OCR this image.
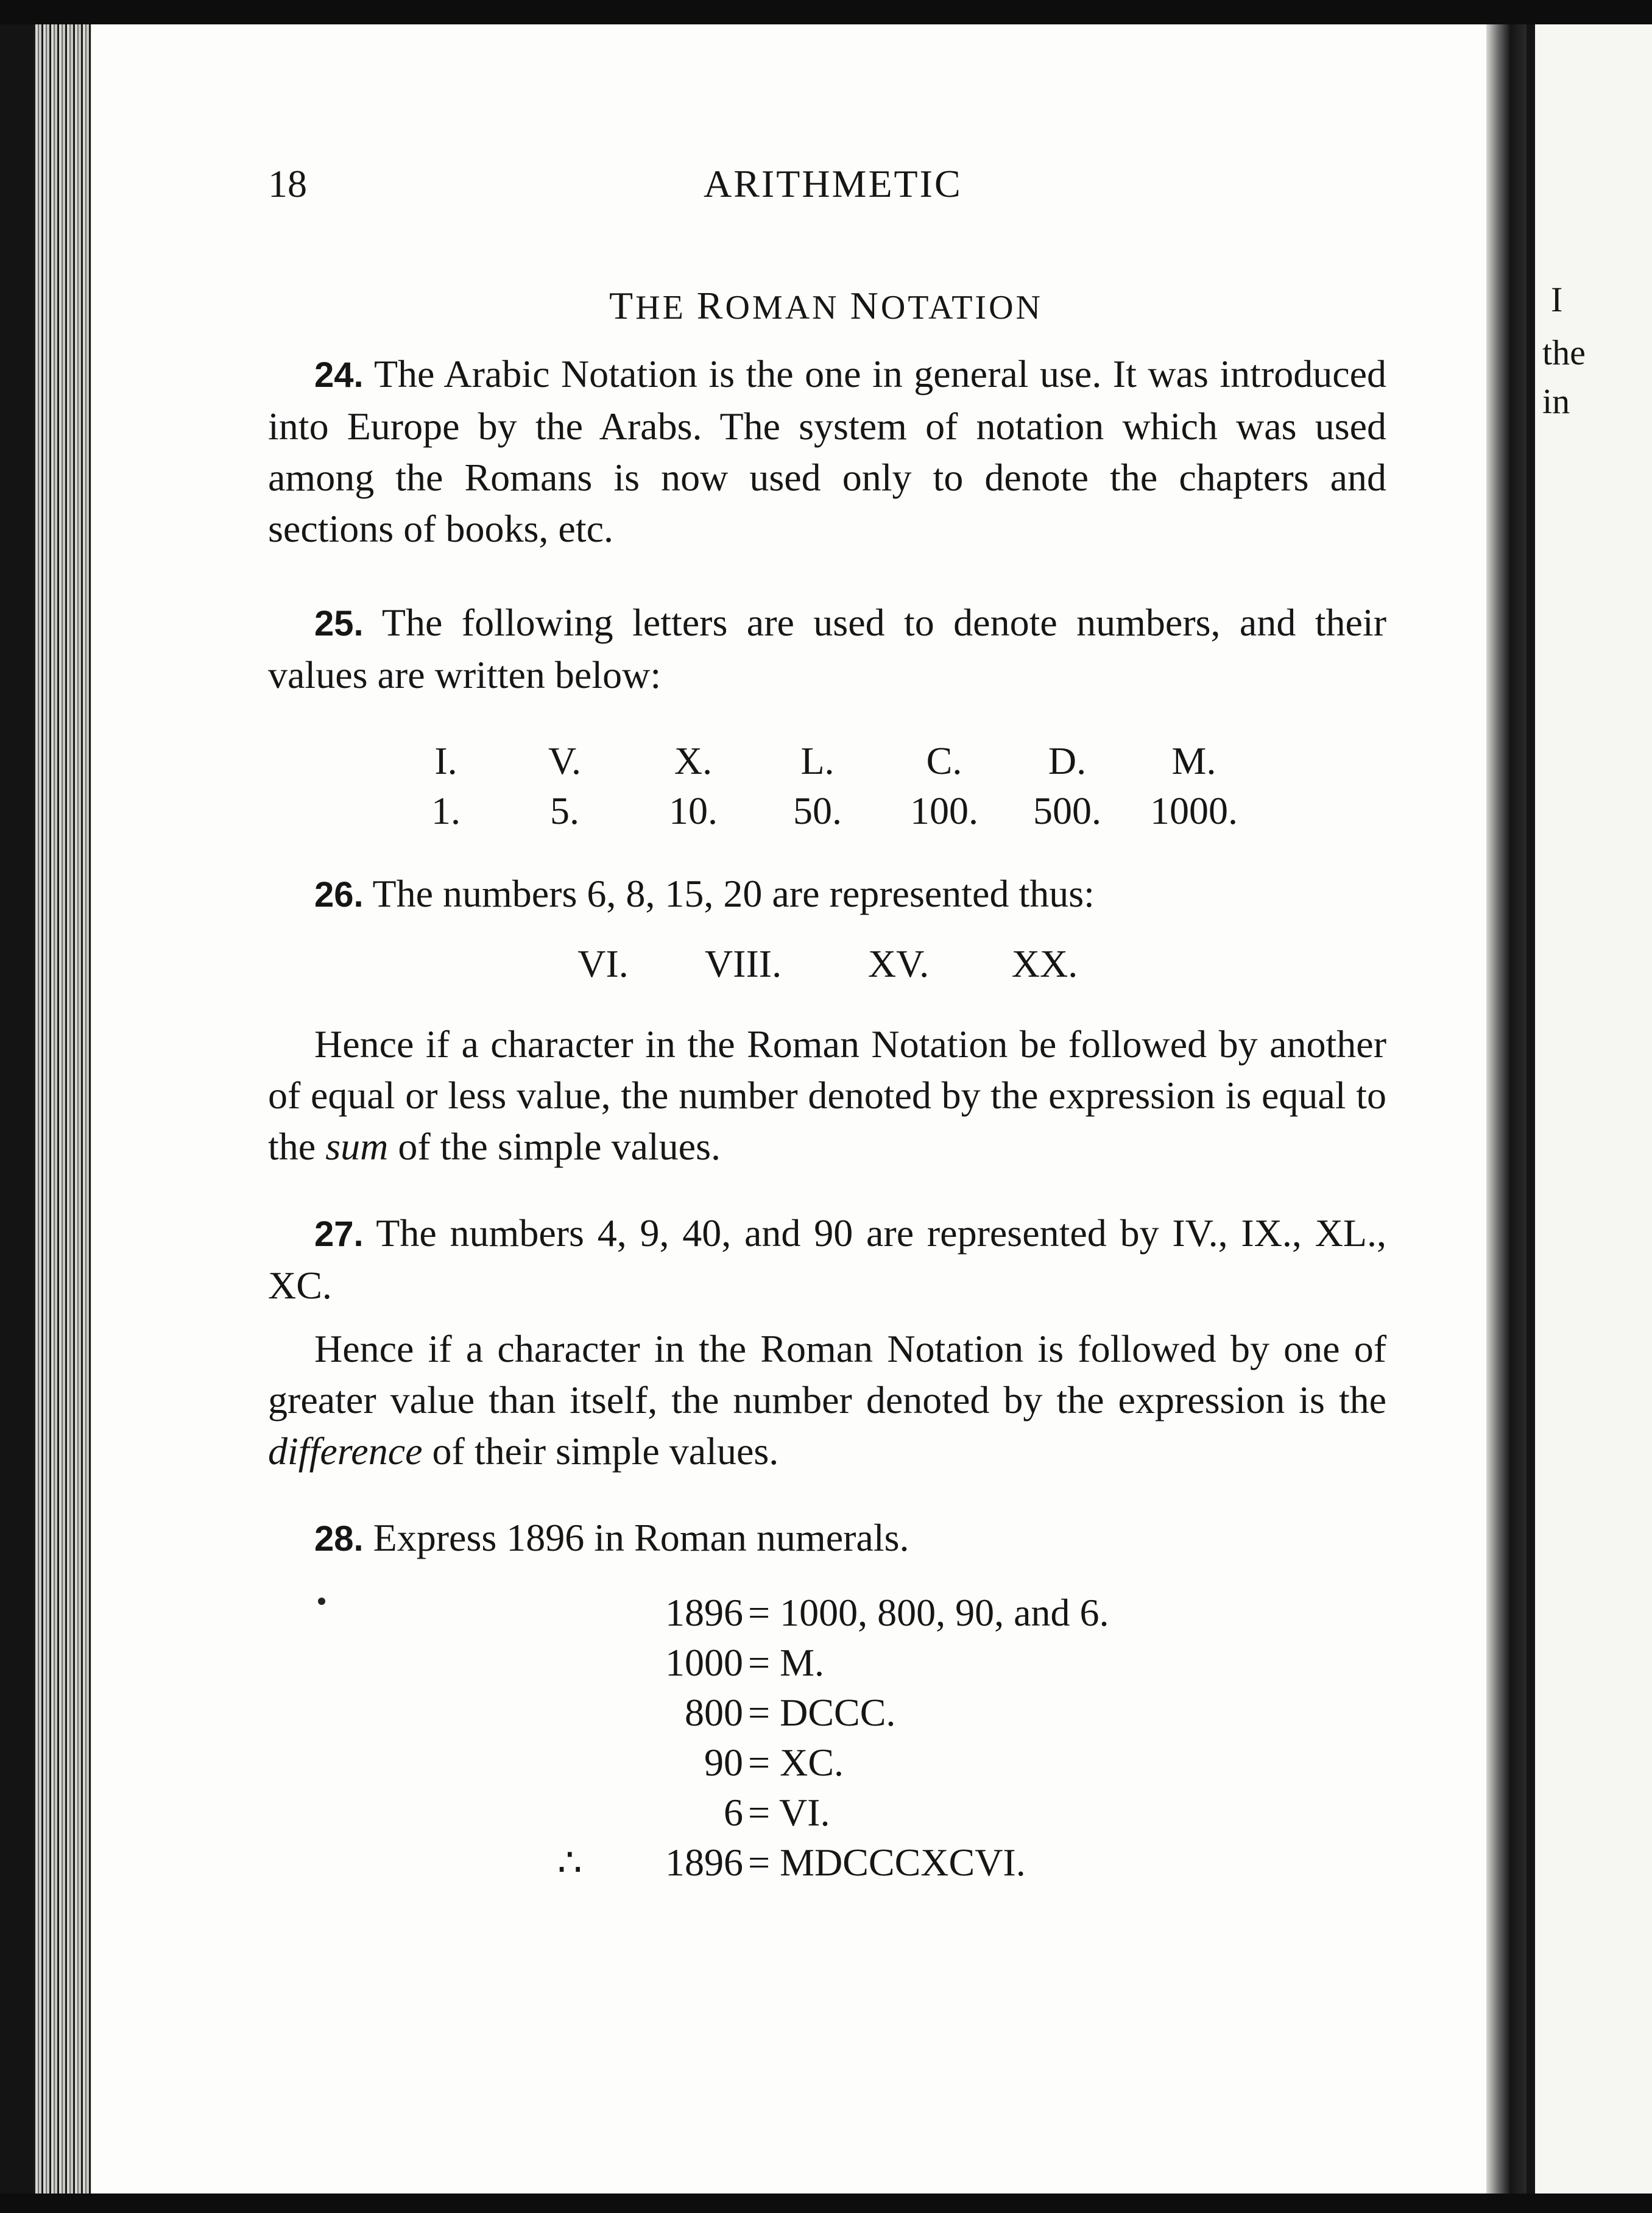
I
the
in
18	ARITHMETIC
THE ROMAN NOTATION
24. The Arabic Notation is the one in general use. It was introduced into Europe by the Arabs. The system of notation which was used among the Romans is now used only to denote the chapters and sections of books, etc.
25. The following letters are used to denote numbers, and their values are written below:
I.	V.	X.	L.	C.	D.	M.
1.	5.	10.	50.	100.	500.	1000.
26. The numbers 6, 8, 15, 20 are represented thus:
VI.	VIII.	XV.	XX.
Hence if a character in the Roman Notation be followed by another of equal or less value, the number denoted by the expression is equal to the sum of the simple values.
27. The numbers 4, 9, 40, and 90 are represented by IV., IX., XL., XC.
Hence if a character in the Roman Notation is followed by one of greater value than itself, the number denoted by the expression is the difference of their simple values.
28. Express 1896 in Roman numerals.
1896 = 1000, 800, 90, and 6.
1000 = M.
800 = DCCC.
90 = XC.
6 = VI.
∴ 1896 = MDCCCXCVI.
